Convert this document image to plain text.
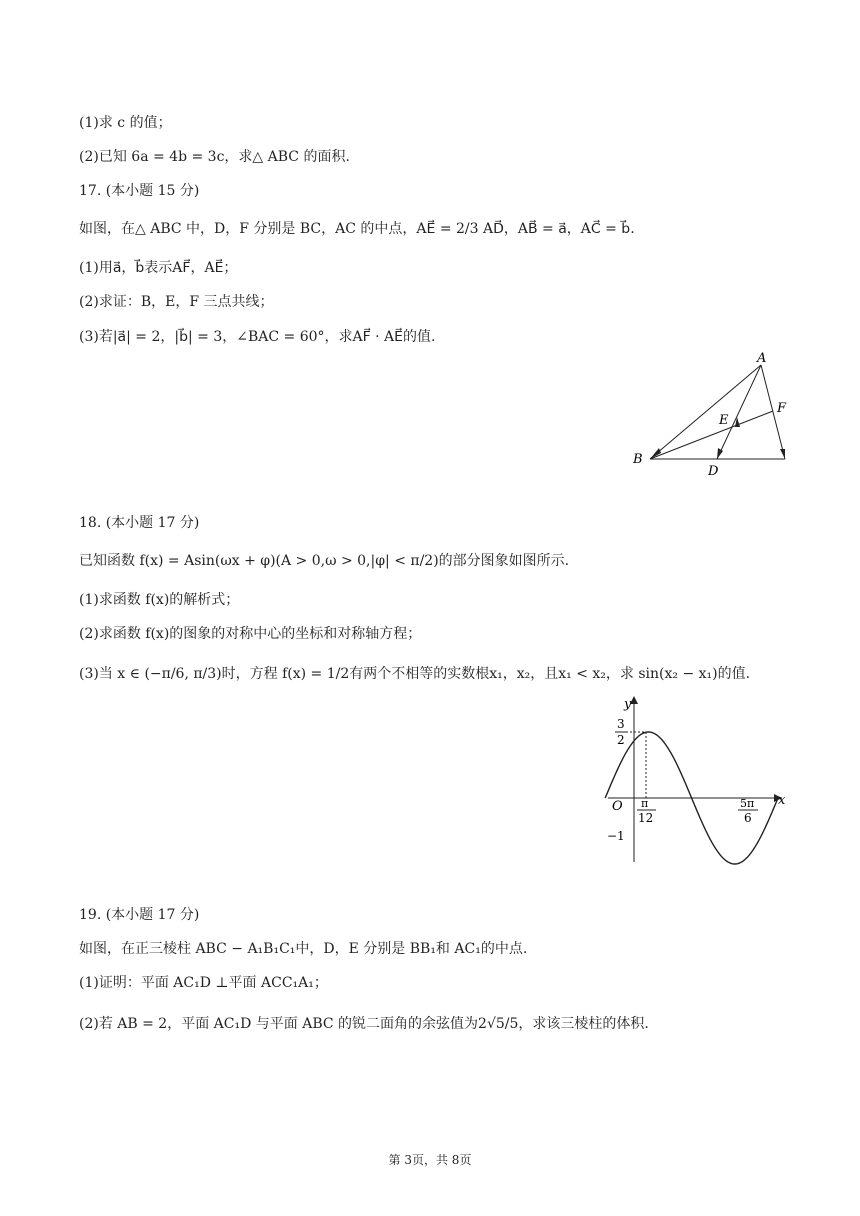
(1)求 c 的值；
(2)已知 6a = 4b = 3c，求△ ABC 的面积.
17. (本小题 15 分)
如图，在△ ABC 中，D，F 分别是 BC，AC 的中点，AE⃗ = 2/3 AD⃗，AB⃗ = a⃗，AC⃗ = b⃗.
(1)用a⃗，b⃗表示AF⃗，AE⃗；
(2)求证：B，E，F 三点共线；
(3)若|a⃗| = 2，|b⃗| = 3，∠BAC = 60°，求AF⃗ · AE⃗的值.
A
B
D
E
F
18. (本小题 17 分)
已知函数 f(x) = Asin(ωx + φ)(A > 0,ω > 0,|φ| < π/2)的部分图象如图所示.
(1)求函数 f(x)的解析式；
(2)求函数 f(x)的图象的对称中心的坐标和对称轴方程；
(3)当 x ∈ (−π/6, π/3)时，方程 f(x) = 1/2有两个不相等的实数根x₁，x₂，且x₁ < x₂，求 sin(x₂ − x₁)的值.
y
x
O
3
2
π
12
5π
6
−1
19. (本小题 17 分)
如图，在正三棱柱 ABC − A₁B₁C₁中，D，E 分别是 BB₁和 AC₁的中点.
(1)证明：平面 AC₁D ⊥平面 ACC₁A₁；
(2)若 AB = 2，平面 AC₁D 与平面 ABC 的锐二面角的余弦值为2√5/5，求该三棱柱的体积.
第 3页，共 8页
